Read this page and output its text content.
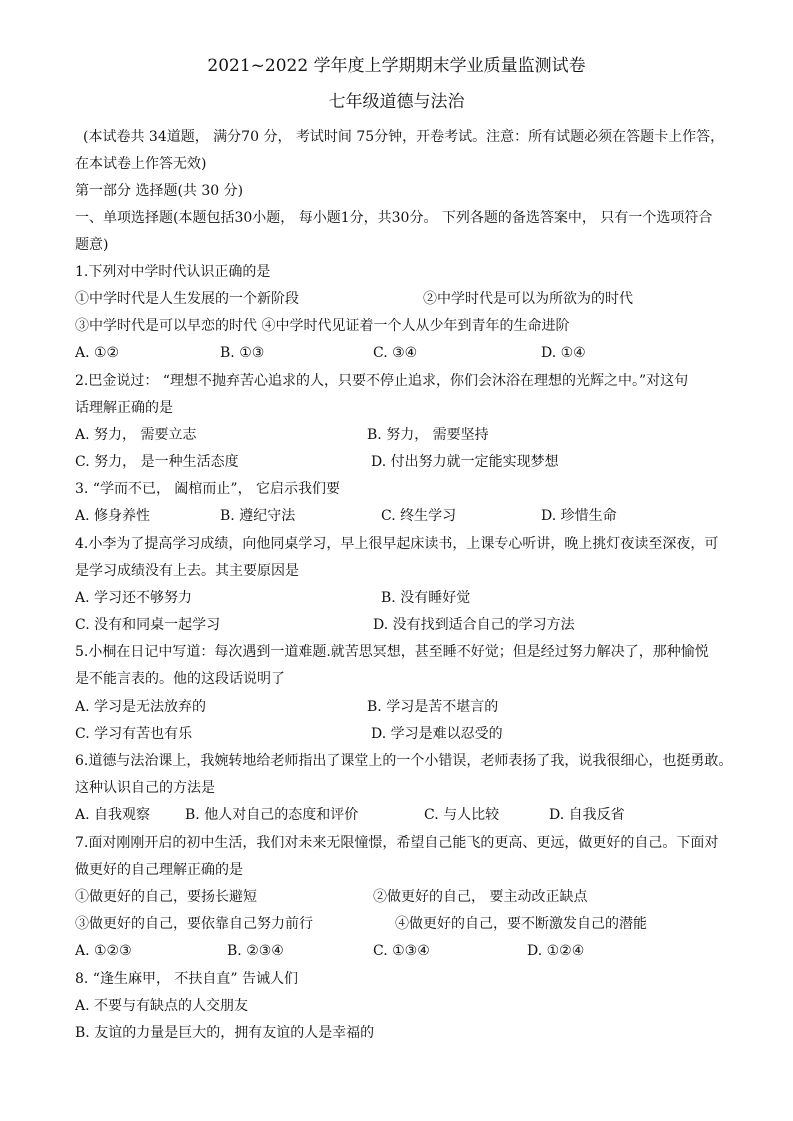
2021~2022 学年度上学期期末学业质量监测试卷
七年级道德与法治
(本试卷共 34道题， 满分70 分， 考试时间 75分钟，开卷考试。注意：所有试题必须在答题卡上作答，
在本试卷上作答无效)
第一部分 选择题(共 30 分)
一、单项选择题(本题包括30小题， 每小题1分，共30分。 下列各题的备选答案中， 只有一个选项符合
题意)
1.下列对中学时代认识正确的是
①中学时代是人生发展的一个新阶段	②中学时代是可以为所欲为的时代
③中学时代是可以早恋的时代 ④中学时代见证着一个人从少年到青年的生命进阶
A. ①②	B. ①③	C. ③④	D. ①④
2.巴金说过： “理想不抛弃苦心追求的人，只要不停止追求，你们会沐浴在理想的光辉之中。”对这句
话理解正确的是
A. 努力， 需要立志	B. 努力， 需要坚持
C. 努力， 是一种生活态度	D. 付出努力就一定能实现梦想
3. “学而不已， 阖棺而止”， 它启示我们要
A. 修身养性	B. 遵纪守法	C. 终生学习	D. 珍惜生命
4.小李为了提高学习成绩，向他同桌学习，早上很早起床读书，上课专心听讲，晚上挑灯夜读至深夜，可
是学习成绩没有上去。其主要原因是
A. 学习还不够努力	B. 没有睡好觉
C. 没有和同桌一起学习	D. 没有找到适合自己的学习方法
5.小桐在日记中写道：每次遇到一道难题.就苦思冥想，甚至睡不好觉；但是经过努力解决了，那种愉悦
是不能言表的。他的这段话说明了
A. 学习是无法放弃的	B. 学习是苦不堪言的
C. 学习有苦也有乐	D. 学习是难以忍受的
6.道德与法治课上，我婉转地给老师指出了课堂上的一个小错误，老师表扬了我，说我很细心，也挺勇敢。
这种认识自己的方法是
A. 自我观察 B. 他人对自己的态度和评价	C. 与人比较	D. 自我反省
7.面对刚刚开启的初中生活，我们对未来无限憧憬，希望自己能飞的更高、更远，做更好的自己。下面对
做更好的自己理解正确的是
①做更好的自己，要扬长避短	②做更好的自己， 要主动改正缺点
③做更好的自己，要依靠自己努力前行	④做更好的自己，要不断激发自己的潜能
A. ①②③	B. ②③④	C. ①③④	D. ①②④
8. “逢生麻甲， 不扶自直” 告诫人们
A. 不要与有缺点的人交朋友
B. 友谊的力量是巨大的，拥有友谊的人是幸福的
